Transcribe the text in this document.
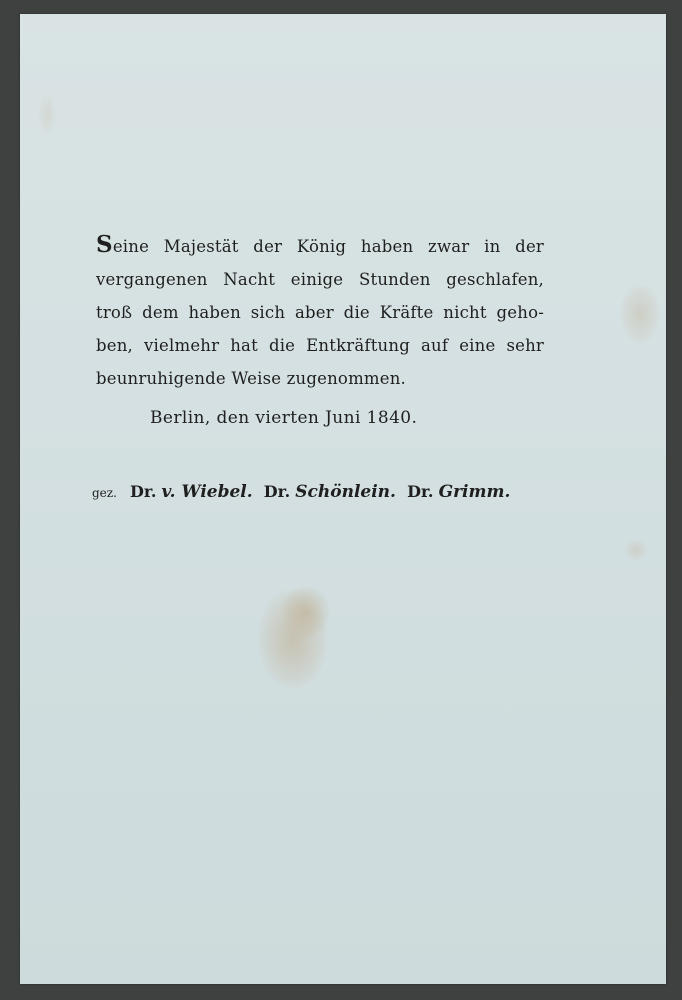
Seine Majestät der König haben zwar in der
vergangenen Nacht einige Stunden geschlafen,
troß dem haben sich aber die Kräfte nicht geho-
ben, vielmehr hat die Entkräftung auf eine sehr
beunruhigende Weise zugenommen.
Berlin, den vierten Juni 1840.
gez. Dr. v. Wiebel. Dr. Schönlein. Dr. Grimm.
